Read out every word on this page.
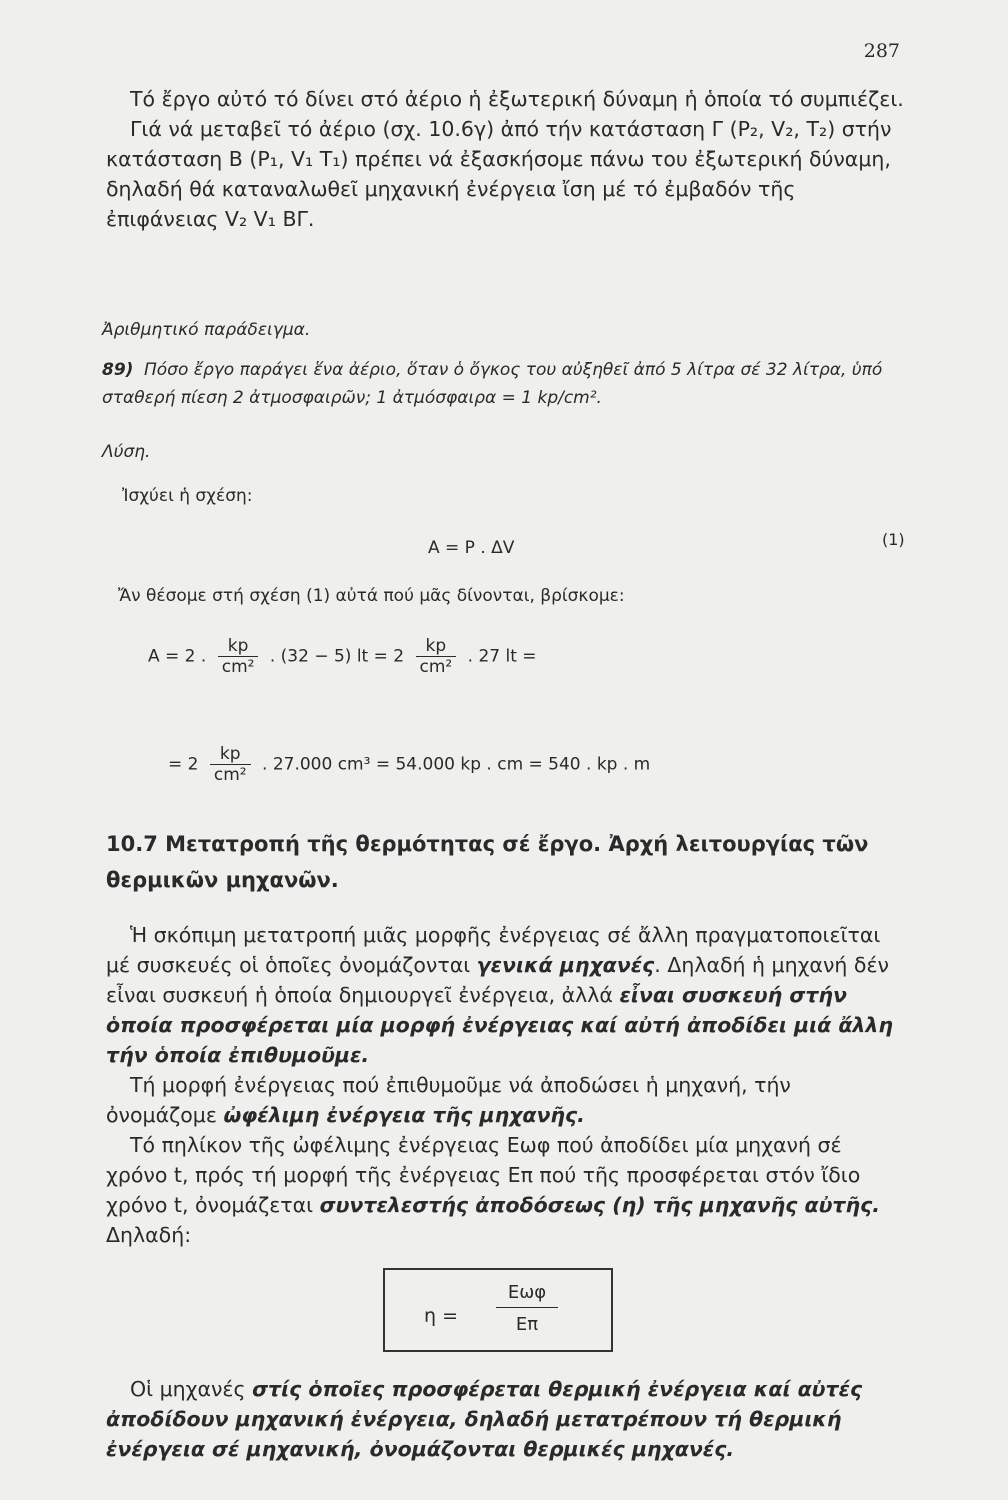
287

Τό ἔργο αὐτό τό δίνει στό ἀέριο ἡ ἐξωτερική δύναμη ἡ ὁποία τό συμπιέζει.

Γιά νά μεταβεῖ τό ἀέριο (σχ. 10.6γ) ἀπό τήν κατάσταση Γ (P₂, V₂, T₂) στήν κατάσταση Β (P₁, V₁ T₁) πρέπει νά ἐξασκήσομε πάνω του ἐξωτερική δύναμη, δηλαδή θά καταναλωθεῖ μηχανική ἐνέργεια ἴση μέ τό ἐμβαδόν τῆς ἐπιφάνειας V₂ V₁ ΒΓ.

Ἀριθμητικό παράδειγμα.
89) Πόσο ἔργο παράγει ἕνα ἀέριο, ὅταν ὁ ὄγκος του αὐξηθεῖ ἀπό 5 λίτρα σέ 32 λίτρα, ὑπό σταθερή πίεση 2 ἀτμοσφαιρῶν; 1 ἀτμόσφαιρα = 1 kp/cm².
Λύση.
Ἰσχύει ἡ σχέση:
A = P . ΔV	(1)
Ἄν θέσομε στή σχέση (1) αὐτά πού μᾶς δίνονται, βρίσκομε:
A = 2 . $\frac{kp}{\text{cm²}}$ . (32 − 5) lt = $2 \frac{kp}{\text{cm²}}$ . 27 lt =
= $2 \frac{kp}{\text{cm²}}$ . 27.000 cm³ = 54.000 kp . cm = 540 . kp . m
10.7 Μετατροπή τῆς θερμότητας σέ ἔργο. Ἀρχή λειτουργίας τῶν θερμικῶν μηχανῶν.

Ἡ σκόπιμη μετατροπή μιᾶς μορφῆς ἐνέργειας σέ ἄλλη πραγματοποιεῖται μέ συσκευές οἱ ὁποῖες ὀνομάζονται γενικά μηχανές. Δηλαδή ἡ μηχανή δέν εἶναι συσκευή ἡ ὁποία δημιουργεῖ ἐνέργεια, ἀλλά εἶναι συσκευή στήν ὁποία προσφέρεται μία μορφή ἐνέργειας καί αὐτή ἀποδίδει μιά ἄλλη τήν ὁποία ἐπιθυμοῦμε.

Τή μορφή ἐνέργειας πού ἐπιθυμοῦμε νά ἀποδώσει ἡ μηχανή, τήν ὀνομάζομε ὠφέλιμη ἐνέργεια τῆς μηχανῆς.

Τό πηλίκον τῆς ὠφέλιμης ἐνέργειας Εωφ πού ἀποδίδει μία μηχανή σέ χρόνο t, πρός τή μορφή τῆς ἐνέργειας Επ πού τῆς προσφέρεται στόν ἴδιο χρόνο t, ὀνομάζεται συντελεστής ἀποδόσεως (η) τῆς μηχανῆς αὐτῆς. Δηλαδή:

η =
Εωφ
Επ

Οἱ μηχανές στίς ὁποῖες προσφέρεται θερμική ἐνέργεια καί αὐτές ἀποδίδουν μηχανική ἐνέργεια, δηλαδή μετατρέπουν τή θερμική ἐνέργεια σέ μηχανική, ὀνομάζονται θερμικές μηχανές.
